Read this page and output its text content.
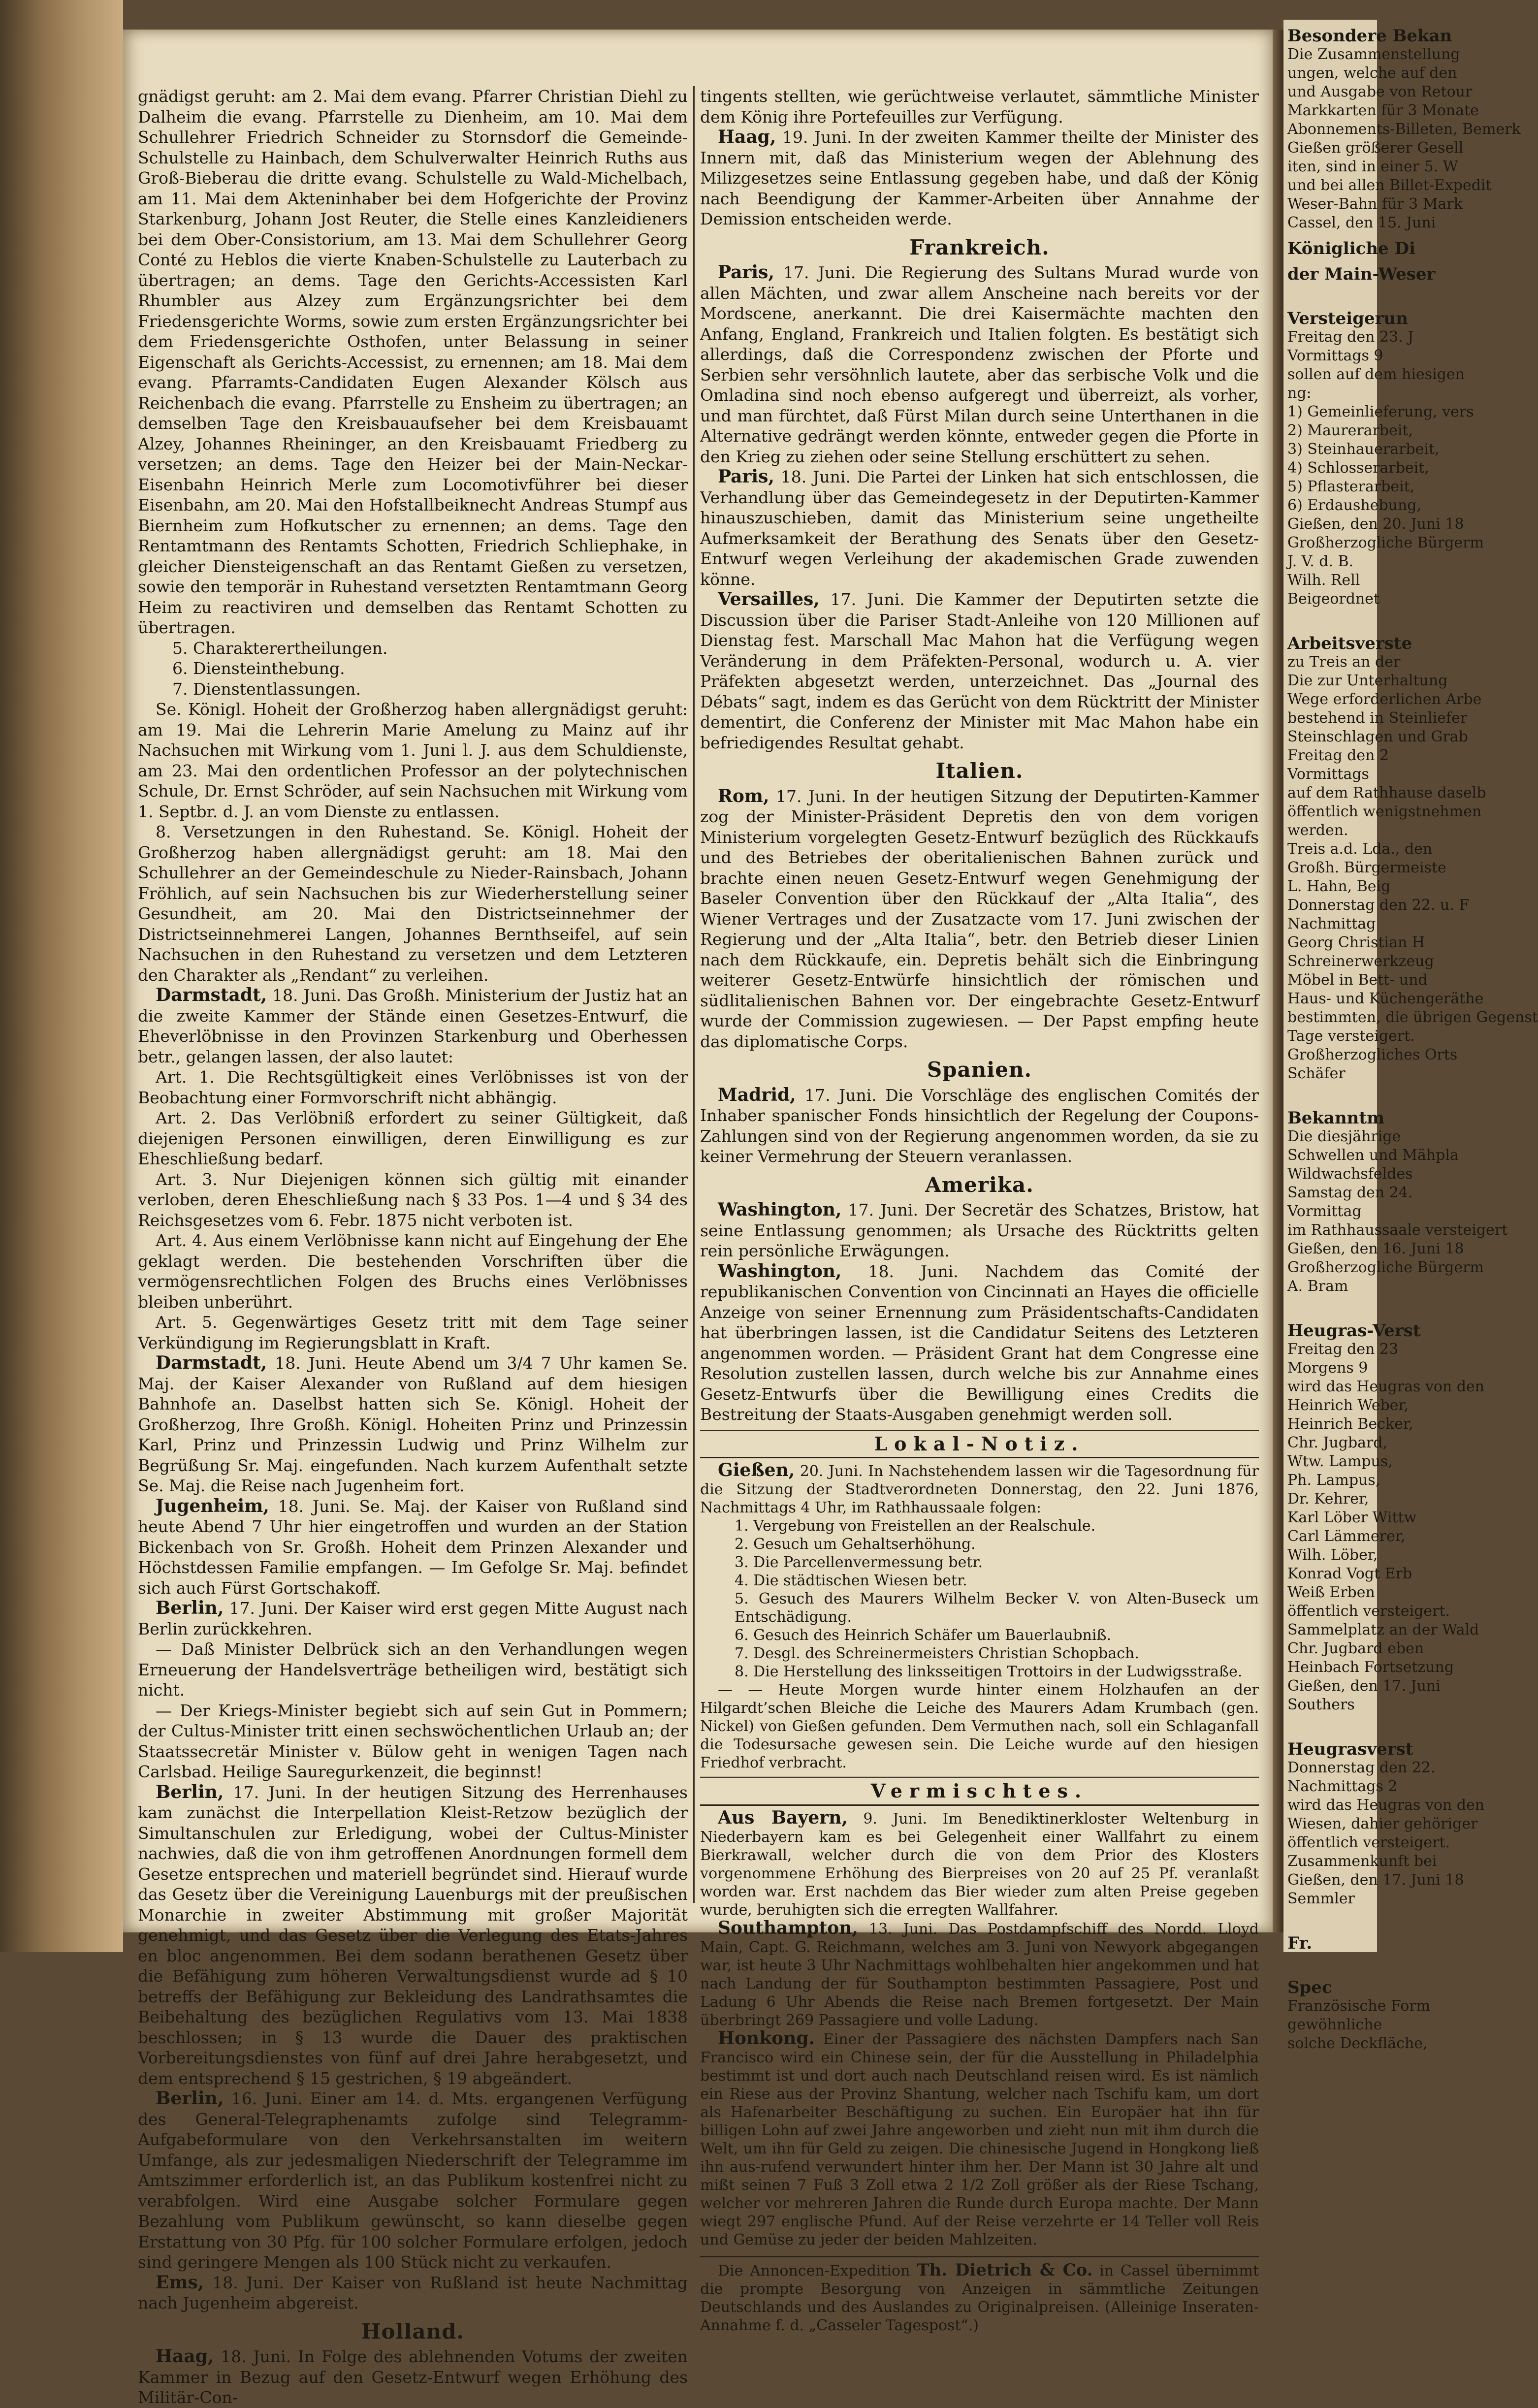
gnädigst geruht: am 2. Mai dem evang. Pfarrer Christian Diehl zu Dalheim die evang. Pfarrstelle zu Dienheim, am 10. Mai dem Schullehrer Friedrich Schneider zu Stornsdorf die Gemeinde-Schulstelle zu Hainbach, dem Schulverwalter Heinrich Ruths aus Groß-Bieberau die dritte evang. Schulstelle zu Wald-Michelbach, am 11. Mai dem Akteninhaber bei dem Hofgerichte der Provinz Starkenburg, Johann Jost Reuter, die Stelle eines Kanzleidieners bei dem Ober-Consistorium, am 13. Mai dem Schullehrer Georg Conté zu Heblos die vierte Knaben-Schulstelle zu Lauterbach zu übertragen; an dems. Tage den Gerichts-Accessisten Karl Rhumbler aus Alzey zum Ergänzungsrichter bei dem Friedensgerichte Worms, sowie zum ersten Ergänzungsrichter bei dem Friedensgerichte Osthofen, unter Belassung in seiner Eigenschaft als Gerichts-Accessist, zu ernennen; am 18. Mai dem evang. Pfarramts-Candidaten Eugen Alexander Kölsch aus Reichenbach die evang. Pfarrstelle zu Ensheim zu übertragen; an demselben Tage den Kreisbauaufseher bei dem Kreisbauamt Alzey, Johannes Rheininger, an den Kreisbauamt Friedberg zu versetzen; an dems. Tage den Heizer bei der Main-Neckar-Eisenbahn Heinrich Merle zum Locomotivführer bei dieser Eisenbahn, am 20. Mai den Hofstallbeiknecht Andreas Stumpf aus Biernheim zum Hofkutscher zu ernennen; an dems. Tage den Rentamtmann des Rentamts Schotten, Friedrich Schliephake, in gleicher Diensteigenschaft an das Rentamt Gießen zu versetzen, sowie den temporär in Ruhestand versetzten Rentamtmann Georg Heim zu reactiviren und demselben das Rentamt Schotten zu übertragen.

5. Charakterertheilungen.

6. Diensteinthebung.

7. Dienstentlassungen.

Se. Königl. Hoheit der Großherzog haben allergnädigst geruht: am 19. Mai die Lehrerin Marie Amelung zu Mainz auf ihr Nachsuchen mit Wirkung vom 1. Juni l. J. aus dem Schuldienste, am 23. Mai den ordentlichen Professor an der polytechnischen Schule, Dr. Ernst Schröder, auf sein Nachsuchen mit Wirkung vom 1. Septbr. d. J. an vom Dienste zu entlassen.

8. Versetzungen in den Ruhestand. Se. Königl. Hoheit der Großherzog haben allergnädigst geruht: am 18. Mai den Schullehrer an der Gemeindeschule zu Nieder-Rainsbach, Johann Fröhlich, auf sein Nachsuchen bis zur Wiederherstellung seiner Gesundheit, am 20. Mai den Districtseinnehmer der Districtseinnehmerei Langen, Johannes Bernthseifel, auf sein Nachsuchen in den Ruhestand zu versetzen und dem Letzteren den Charakter als „Rendant“ zu verleihen.

Darmstadt, 18. Juni. Das Großh. Ministerium der Justiz hat an die zweite Kammer der Stände einen Gesetzes-Entwurf, die Eheverlöbnisse in den Provinzen Starkenburg und Oberhessen betr., gelangen lassen, der also lautet:

Art. 1. Die Rechtsgültigkeit eines Verlöbnisses ist von der Beobachtung einer Formvorschrift nicht abhängig.

Art. 2. Das Verlöbniß erfordert zu seiner Gültigkeit, daß diejenigen Personen einwilligen, deren Einwilligung es zur Eheschließung bedarf.

Art. 3. Nur Diejenigen können sich gültig mit einander verloben, deren Eheschließung nach § 33 Pos. 1—4 und § 34 des Reichsgesetzes vom 6. Febr. 1875 nicht verboten ist.

Art. 4. Aus einem Verlöbnisse kann nicht auf Eingehung der Ehe geklagt werden. Die bestehenden Vorschriften über die vermögensrechtlichen Folgen des Bruchs eines Verlöbnisses bleiben unberührt.

Art. 5. Gegenwärtiges Gesetz tritt mit dem Tage seiner Verkündigung im Regierungsblatt in Kraft.

Darmstadt, 18. Juni. Heute Abend um 3/4 7 Uhr kamen Se. Maj. der Kaiser Alexander von Rußland auf dem hiesigen Bahnhofe an. Daselbst hatten sich Se. Königl. Hoheit der Großherzog, Ihre Großh. Königl. Hoheiten Prinz und Prinzessin Karl, Prinz und Prinzessin Ludwig und Prinz Wilhelm zur Begrüßung Sr. Maj. eingefunden. Nach kurzem Aufenthalt setzte Se. Maj. die Reise nach Jugenheim fort.

Jugenheim, 18. Juni. Se. Maj. der Kaiser von Rußland sind heute Abend 7 Uhr hier eingetroffen und wurden an der Station Bickenbach von Sr. Großh. Hoheit dem Prinzen Alexander und Höchstdessen Familie empfangen. — Im Gefolge Sr. Maj. befindet sich auch Fürst Gortschakoff.

Berlin, 17. Juni. Der Kaiser wird erst gegen Mitte August nach Berlin zurückkehren.

— Daß Minister Delbrück sich an den Verhandlungen wegen Erneuerung der Handelsverträge betheiligen wird, bestätigt sich nicht.

— Der Kriegs-Minister begiebt sich auf sein Gut in Pommern; der Cultus-Minister tritt einen sechswöchentlichen Urlaub an; der Staatssecretär Minister v. Bülow geht in wenigen Tagen nach Carlsbad. Heilige Sauregurkenzeit, die beginnst!

Berlin, 17. Juni. In der heutigen Sitzung des Herrenhauses kam zunächst die Interpellation Kleist-Retzow bezüglich der Simultanschulen zur Erledigung, wobei der Cultus-Minister nachwies, daß die von ihm getroffenen Anordnungen formell dem Gesetze entsprechen und materiell begründet sind. Hierauf wurde das Gesetz über die Vereinigung Lauenburgs mit der preußischen Monarchie in zweiter Abstimmung mit großer Majorität genehmigt, und das Gesetz über die Verlegung des Etats-Jahres en bloc angenommen. Bei dem sodann berathenen Gesetz über die Befähigung zum höheren Verwaltungsdienst wurde ad § 10 betreffs der Befähigung zur Bekleidung des Landrathsamtes die Beibehaltung des bezüglichen Regulativs vom 13. Mai 1838 beschlossen; in § 13 wurde die Dauer des praktischen Vorbereitungsdienstes von fünf auf drei Jahre herabgesetzt, und dem entsprechend § 15 gestrichen, § 19 abgeändert.

Berlin, 16. Juni. Einer am 14. d. Mts. ergangenen Verfügung des General-Telegraphenamts zufolge sind Telegramm-Aufgabeformulare von den Verkehrsanstalten im weitern Umfange, als zur jedesmaligen Niederschrift der Telegramme im Amtszimmer erforderlich ist, an das Publikum kostenfrei nicht zu verabfolgen. Wird eine Ausgabe solcher Formulare gegen Bezahlung vom Publikum gewünscht, so kann dieselbe gegen Erstattung von 30 Pfg. für 100 solcher Formulare erfolgen, jedoch sind geringere Mengen als 100 Stück nicht zu verkaufen.

Ems, 18. Juni. Der Kaiser von Rußland ist heute Nachmittag nach Jugenheim abgereist.

Holland.

Haag, 18. Juni. In Folge des ablehnenden Votums der zweiten Kammer in Bezug auf den Gesetz-Entwurf wegen Erhöhung des Militär-Con-

tingents stellten, wie gerüchtweise verlautet, sämmtliche Minister dem König ihre Portefeuilles zur Verfügung.

Haag, 19. Juni. In der zweiten Kammer theilte der Minister des Innern mit, daß das Ministerium wegen der Ablehnung des Milizgesetzes seine Entlassung gegeben habe, und daß der König nach Beendigung der Kammer-Arbeiten über Annahme der Demission entscheiden werde.

Frankreich.

Paris, 17. Juni. Die Regierung des Sultans Murad wurde von allen Mächten, und zwar allem Anscheine nach bereits vor der Mordscene, anerkannt. Die drei Kaisermächte machten den Anfang, England, Frankreich und Italien folgten. Es bestätigt sich allerdings, daß die Correspondenz zwischen der Pforte und Serbien sehr versöhnlich lautete, aber das serbische Volk und die Omladina sind noch ebenso aufgeregt und überreizt, als vorher, und man fürchtet, daß Fürst Milan durch seine Unterthanen in die Alternative gedrängt werden könnte, entweder gegen die Pforte in den Krieg zu ziehen oder seine Stellung erschüttert zu sehen.

Paris, 18. Juni. Die Partei der Linken hat sich entschlossen, die Verhandlung über das Gemeindegesetz in der Deputirten-Kammer hinauszuschieben, damit das Ministerium seine ungetheilte Aufmerksamkeit der Berathung des Senats über den Gesetz-Entwurf wegen Verleihung der akademischen Grade zuwenden könne.

Versailles, 17. Juni. Die Kammer der Deputirten setzte die Discussion über die Pariser Stadt-Anleihe von 120 Millionen auf Dienstag fest. Marschall Mac Mahon hat die Verfügung wegen Veränderung in dem Präfekten-Personal, wodurch u. A. vier Präfekten abgesetzt werden, unterzeichnet. Das „Journal des Débats“ sagt, indem es das Gerücht von dem Rücktritt der Minister dementirt, die Conferenz der Minister mit Mac Mahon habe ein befriedigendes Resultat gehabt.

Italien.

Rom, 17. Juni. In der heutigen Sitzung der Deputirten-Kammer zog der Minister-Präsident Depretis den von dem vorigen Ministerium vorgelegten Gesetz-Entwurf bezüglich des Rückkaufs und des Betriebes der oberitalienischen Bahnen zurück und brachte einen neuen Gesetz-Entwurf wegen Genehmigung der Baseler Convention über den Rückkauf der „Alta Italia“, des Wiener Vertrages und der Zusatzacte vom 17. Juni zwischen der Regierung und der „Alta Italia“, betr. den Betrieb dieser Linien nach dem Rückkaufe, ein. Depretis behält sich die Einbringung weiterer Gesetz-Entwürfe hinsichtlich der römischen und südlitalienischen Bahnen vor. Der eingebrachte Gesetz-Entwurf wurde der Commission zugewiesen. — Der Papst empfing heute das diplomatische Corps.

Spanien.

Madrid, 17. Juni. Die Vorschläge des englischen Comités der Inhaber spanischer Fonds hinsichtlich der Regelung der Coupons-Zahlungen sind von der Regierung angenommen worden, da sie zu keiner Vermehrung der Steuern veranlassen.

Amerika.

Washington, 17. Juni. Der Secretär des Schatzes, Bristow, hat seine Entlassung genommen; als Ursache des Rücktritts gelten rein persönliche Erwägungen.

Washington, 18. Juni. Nachdem das Comité der republikanischen Convention von Cincinnati an Hayes die officielle Anzeige von seiner Ernennung zum Präsidentschafts-Candidaten hat überbringen lassen, ist die Candidatur Seitens des Letzteren angenommen worden. — Präsident Grant hat dem Congresse eine Resolution zustellen lassen, durch welche bis zur Annahme eines Gesetz-Entwurfs über die Bewilligung eines Credits die Bestreitung der Staats-Ausgaben genehmigt werden soll.

Lokal-Notiz.

Gießen, 20. Juni. In Nachstehendem lassen wir die Tagesordnung für die Sitzung der Stadtverordneten Donnerstag, den 22. Juni 1876, Nachmittags 4 Uhr, im Rathhaussaale folgen:

1. Vergebung von Freistellen an der Realschule.

2. Gesuch um Gehaltserhöhung.

3. Die Parcellenvermessung betr.

4. Die städtischen Wiesen betr.

5. Gesuch des Maurers Wilhelm Becker V. von Alten-Buseck um Entschädigung.

6. Gesuch des Heinrich Schäfer um Bauerlaubniß.

7. Desgl. des Schreinermeisters Christian Schopbach.

8. Die Herstellung des linksseitigen Trottoirs in der Ludwigsstraße.

— — Heute Morgen wurde hinter einem Holzhaufen an der Hilgardt’schen Bleiche die Leiche des Maurers Adam Krumbach (gen. Nickel) von Gießen gefunden. Dem Vermuthen nach, soll ein Schlaganfall die Todesursache gewesen sein. Die Leiche wurde auf den hiesigen Friedhof verbracht.

Vermischtes.

Aus Bayern, 9. Juni. Im Benediktinerkloster Weltenburg in Niederbayern kam es bei Gelegenheit einer Wallfahrt zu einem Bierkrawall, welcher durch die von dem Prior des Klosters vorgenommene Erhöhung des Bierpreises von 20 auf 25 Pf. veranlaßt worden war. Erst nachdem das Bier wieder zum alten Preise gegeben wurde, beruhigten sich die erregten Wallfahrer.

Southampton, 13. Juni. Das Postdampfschiff des Nordd. Lloyd Main, Capt. G. Reichmann, welches am 3. Juni von Newyork abgegangen war, ist heute 3 Uhr Nachmittags wohlbehalten hier angekommen und hat nach Landung der für Southampton bestimmten Passagiere, Post und Ladung 6 Uhr Abends die Reise nach Bremen fortgesetzt. Der Main überbringt 269 Passagiere und volle Ladung.

Honkong. Einer der Passagiere des nächsten Dampfers nach San Francisco wird ein Chinese sein, der für die Ausstellung in Philadelphia bestimmt ist und dort auch nach Deutschland reisen wird. Es ist nämlich ein Riese aus der Provinz Shantung, welcher nach Tschifu kam, um dort als Hafenarbeiter Beschäftigung zu suchen. Ein Europäer hat ihn für billigen Lohn auf zwei Jahre angeworben und zieht nun mit ihm durch die Welt, um ihn für Geld zu zeigen. Die chinesische Jugend in Hongkong ließ ihn aus-rufend verwundert hinter ihm her. Der Mann ist 30 Jahre alt und mißt seinen 7 Fuß 3 Zoll etwa 2 1/2 Zoll größer als der Riese Tschang, welcher vor mehreren Jahren die Runde durch Europa machte. Der Mann wiegt 297 englische Pfund. Auf der Reise verzehrte er 14 Teller voll Reis und Gemüse zu jeder der beiden Mahlzeiten.

Die Annoncen-Expedition Th. Dietrich & Co. in Cassel übernimmt die prompte Besorgung von Anzeigen in sämmtliche Zeitungen Deutschlands und des Auslandes zu Originalpreisen. (Alleinige Inseraten-Annahme f. d. „Casseler Tagespost“.)

Besondere Bekan
Die Zusammenstellung
ungen, welche auf den
und Ausgabe von Retour
Markkarten für 3 Monate
Abonnements-Billeten, Bemerk
Gießen größerer Gesell
iten, sind in einer 5. W
und bei allen Billet-Expedit
Weser-Bahn für 3 Mark
Cassel, den 15. Juni
Königliche Di
der Main-Weser

Versteigerun
Freitag den 23. J
Vormittags 9
sollen auf dem hiesigen
ng:
1) Gemeinlieferung, vers
2) Maurerarbeit,
3) Steinhauerarbeit,
4) Schlosserarbeit,
5) Pflasterarbeit,
6) Erdaushebung,
Gießen, den 20. Juni 18
Großherzogliche Bürgerm
J. V. d. B.
Wilh. Rell
Beigeordnet

Arbeitsverste
zu Treis an der
Die zur Unterhaltung
Wege erforderlichen Arbe
bestehend in Steinliefer
Steinschlagen und Grab
Freitag den 2
Vormittags
auf dem Rathhause daselb
öffentlich wenigstnehmen
werden.
Treis a.d. Lda., den
Großh. Bürgermeiste
L. Hahn, Beig
Donnerstag den 22. u. F
Nachmittag
Georg Christian H
Schreinerwerkzeug
Möbel in Bett- und
Haus- und Küchengeräthe
bestimmten, die übrigen Gegenst
Tage versteigert.
Großherzogliches Orts
Schäfer

Bekanntm
Die diesjährige
Schwellen und Mähpla
Wildwachsfeldes
Samstag den 24.
Vormittag
im Rathhaussaale versteigert
Gießen, den 16. Juni 18
Großherzogliche Bürgerm
A. Bram

Heugras-Verst
Freitag den 23
Morgens 9
wird das Heugras von den
Heinrich Weber,
Heinrich Becker,
Chr. Jugbard,
Wtw. Lampus,
Ph. Lampus,
Dr. Kehrer,
Karl Löber Wittw
Carl Lämmerer,
Wilh. Löber,
Konrad Vogt Erb
Weiß Erben
öffentlich versteigert.
Sammelplatz an der Wald
Chr. Jugbard eben
Heinbach Fortsetzung
Gießen, den 17. Juni
Southers

Heugrasverst
Donnerstag den 22.
Nachmittags 2
wird das Heugras von den
Wiesen, dahier gehöriger
öffentlich versteigert.
Zusammenkunft bei
Gießen, den 17. Juni 18
Semmler

Fr.

Spec
Französische Form
gewöhnliche
solche Deckfläche,
